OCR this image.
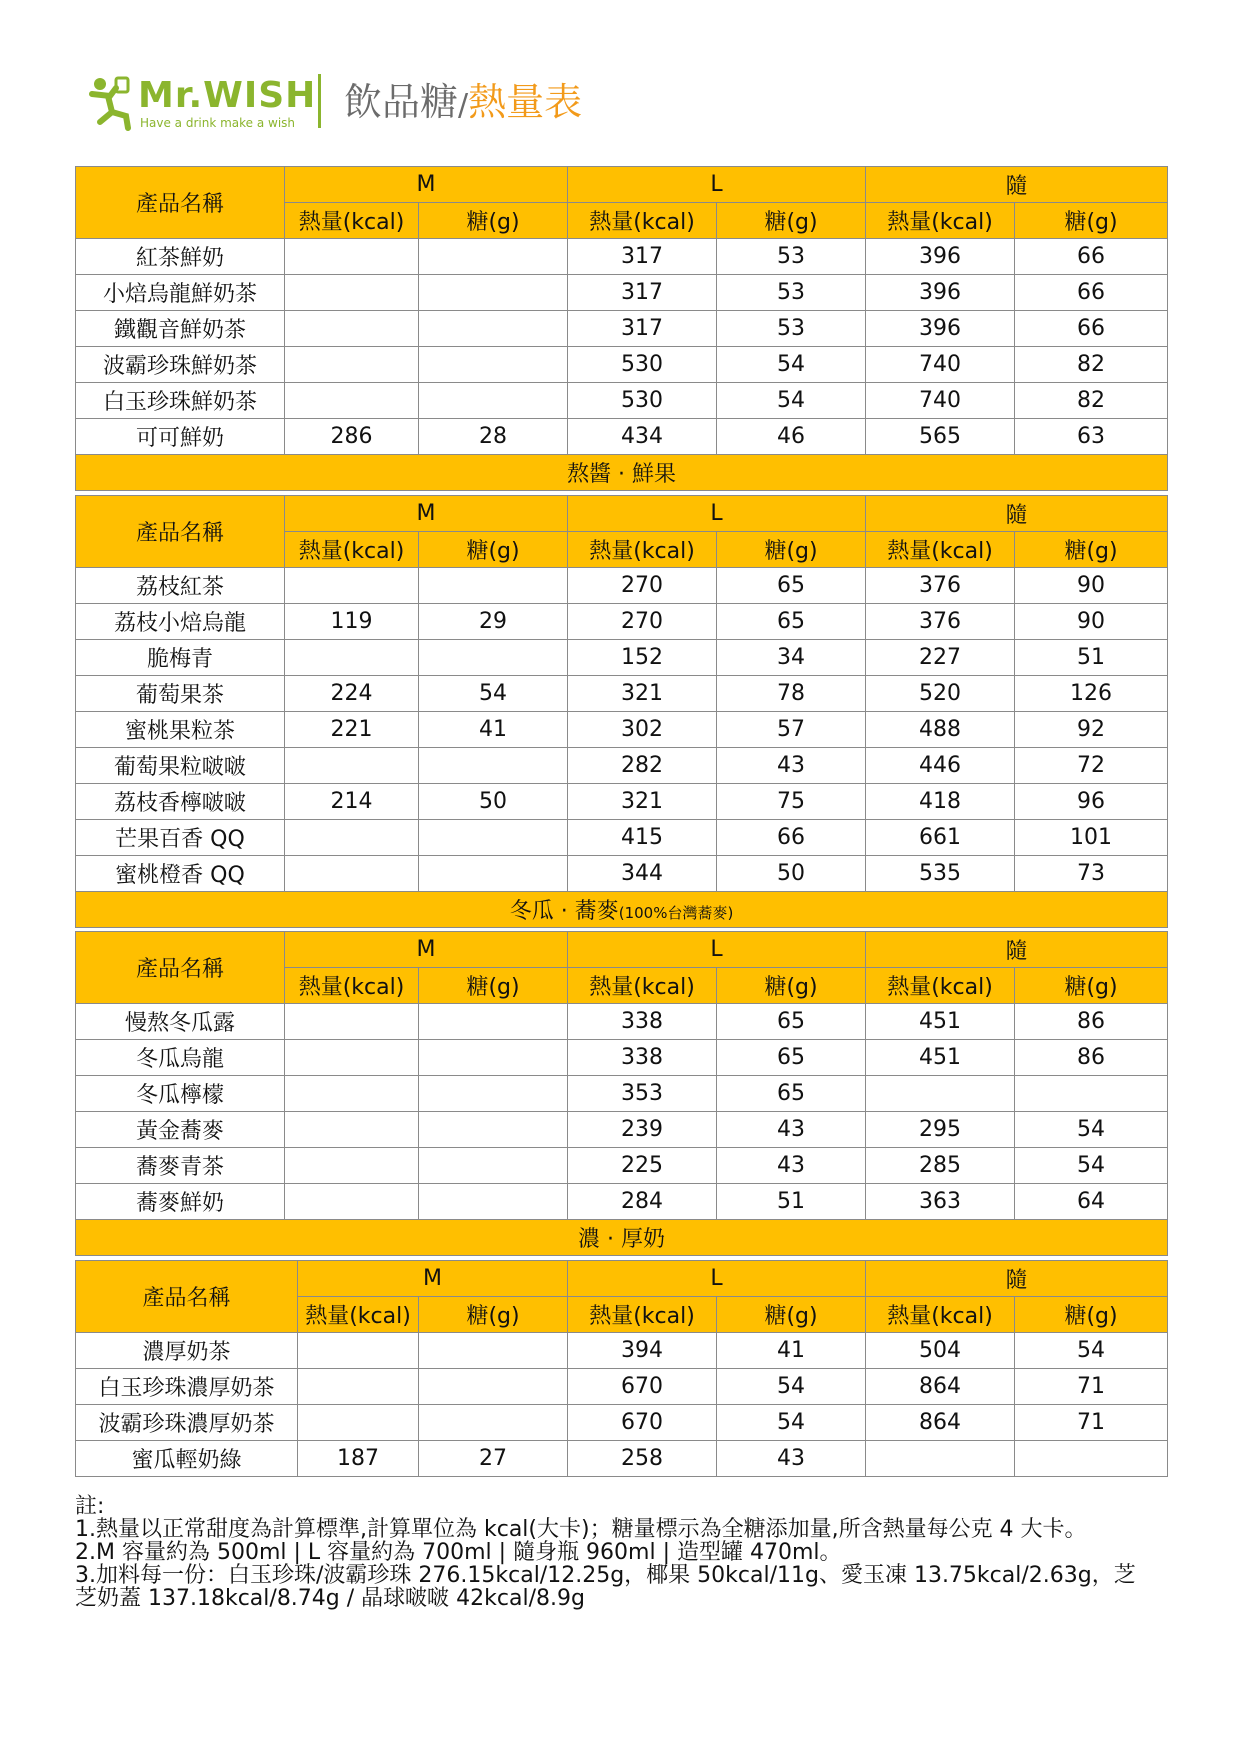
Mr.WISH
Have a drink make a wish 飲品糖/熱量表
產品名稱	M		L		隨	
	熱量(kcal)	糖(g)	熱量(kcal)	糖(g)	熱量(kcal)	糖(g)
紅茶鮮奶			317	53	396	66
小焙烏龍鮮奶茶			317	53	396	66
鐵觀音鮮奶茶			317	53	396	66
波霸珍珠鮮奶茶			530	54	740	82
白玉珍珠鮮奶茶			530	54	740	82
可可鮮奶	286	28	434	46	565	63
熬醬 · 鮮果						
產品名稱	M		L		隨	
	熱量(kcal)	糖(g)	熱量(kcal)	糖(g)	熱量(kcal)	糖(g)
荔枝紅茶			270	65	376	90
荔枝小焙烏龍	119	29	270	65	376	90
脆梅青			152	34	227	51
葡萄果茶	224	54	321	78	520	126
蜜桃果粒茶	221	41	302	57	488	92
葡萄果粒啵啵			282	43	446	72
荔枝香檸啵啵	214	50	321	75	418	96
芒果百香 QQ			415	66	661	101
蜜桃橙香 QQ			344	50	535	73
冬瓜 · 蕎麥(100%台灣蕎麥)						
產品名稱	M		L		隨	
	熱量(kcal)	糖(g)	熱量(kcal)	糖(g)	熱量(kcal)	糖(g)
慢熬冬瓜露			338	65	451	86
冬瓜烏龍			338	65	451	86
冬瓜檸檬			353	65		
黃金蕎麥			239	43	295	54
蕎麥青茶			225	43	285	54
蕎麥鮮奶			284	51	363	64
濃 · 厚奶						
產品名稱	M		L		隨	
	熱量(kcal)	糖(g)	熱量(kcal)	糖(g)	熱量(kcal)	糖(g)
濃厚奶茶			394	41	504	54
白玉珍珠濃厚奶茶			670	54	864	71
波霸珍珠濃厚奶茶			670	54	864	71
蜜瓜輕奶綠	187	27	258	43		
註:
1.熱量以正常甜度為計算標準,計算單位為 kcal(大卡)；糖量標示為全糖添加量,所含熱量每公克 4 大卡。
2.M 容量約為 500ml | L 容量約為 700ml | 隨身瓶 960ml | 造型罐 470ml。
3.加料每一份：白玉珍珠/波霸珍珠 276.15kcal/12.25g，椰果 50kcal/11g、愛玉凍 13.75kcal/2.63g，芝
芝奶蓋 137.18kcal/8.74g / 晶球啵啵 42kcal/8.9g
